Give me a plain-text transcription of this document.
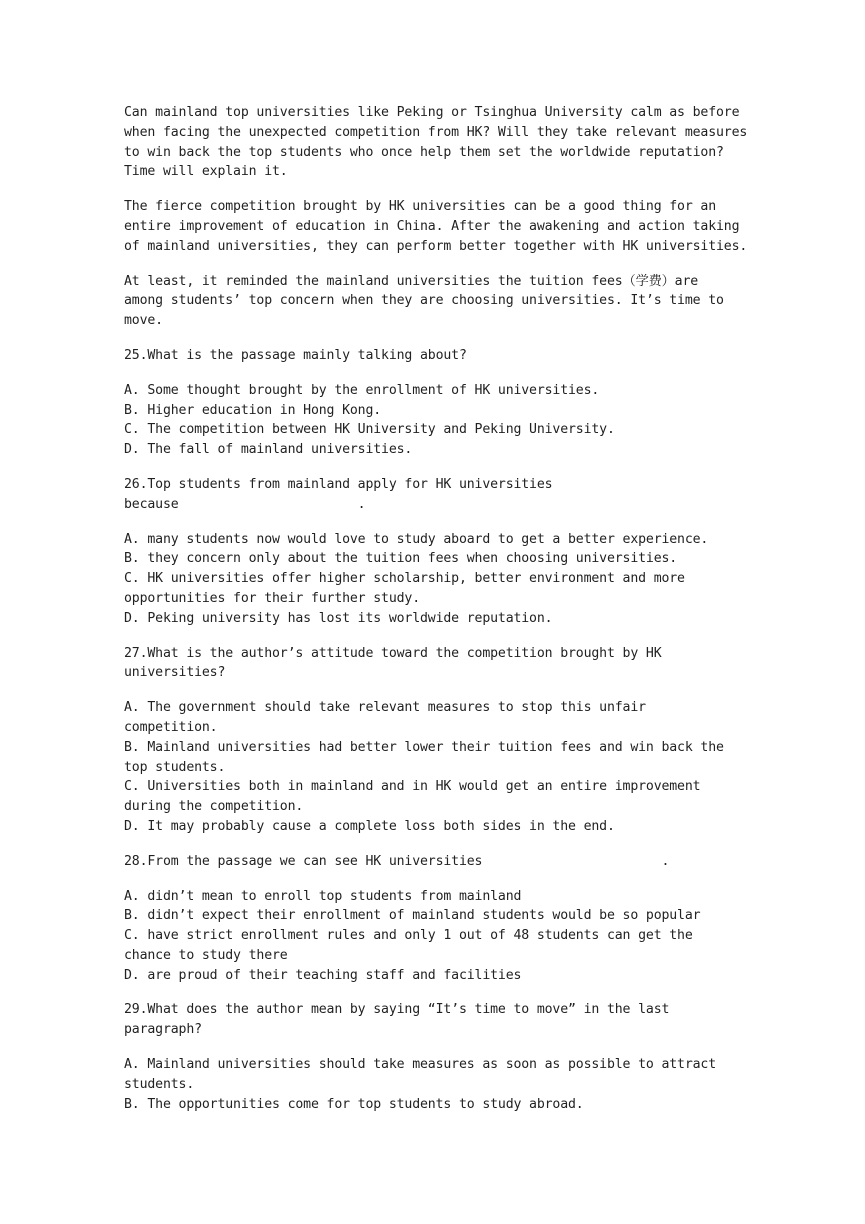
Can mainland top universities like Peking or Tsinghua University calm as before
when facing the unexpected competition from HK? Will they take relevant measures
to win back the top students who once help them set the worldwide reputation?
Time will explain it.
The fierce competition brought by HK universities can be a good thing for an
entire improvement of education in China. After the awakening and action taking
of mainland universities, they can perform better together with HK universities.
At least, it reminded the mainland universities the tuition fees（学费）are
among students’ top concern when they are choosing universities. It’s time to
move.
25.What is the passage mainly talking about?
A. Some thought brought by the enrollment of HK universities.
B. Higher education in Hong Kong.
C. The competition between HK University and Peking University.
D. The fall of mainland universities.
26.Top students from mainland apply for HK universities
because                       .
A. many students now would love to study aboard to get a better experience.
B. they concern only about the tuition fees when choosing universities.
C. HK universities offer higher scholarship, better environment and more opportunities for their further study.
D. Peking university has lost its worldwide reputation.
27.What is the author’s attitude toward the competition brought by HK
universities?
A. The government should take relevant measures to stop this unfair competition.
B. Mainland universities had better lower their tuition fees and win back the top students.
C. Universities both in mainland and in HK would get an entire improvement during the competition.
D. It may probably cause a complete loss both sides in the end.
28.From the passage we can see HK universities                       .
A. didn’t mean to enroll top students from mainland
B. didn’t expect their enrollment of mainland students would be so popular
C. have strict enrollment rules and only 1 out of 48 students can get the chance to study there
D. are proud of their teaching staff and facilities
29.What does the author mean by saying “It’s time to move” in the last
paragraph?
A. Mainland universities should take measures as soon as possible to attract students.
B. The opportunities come for top students to study abroad.
